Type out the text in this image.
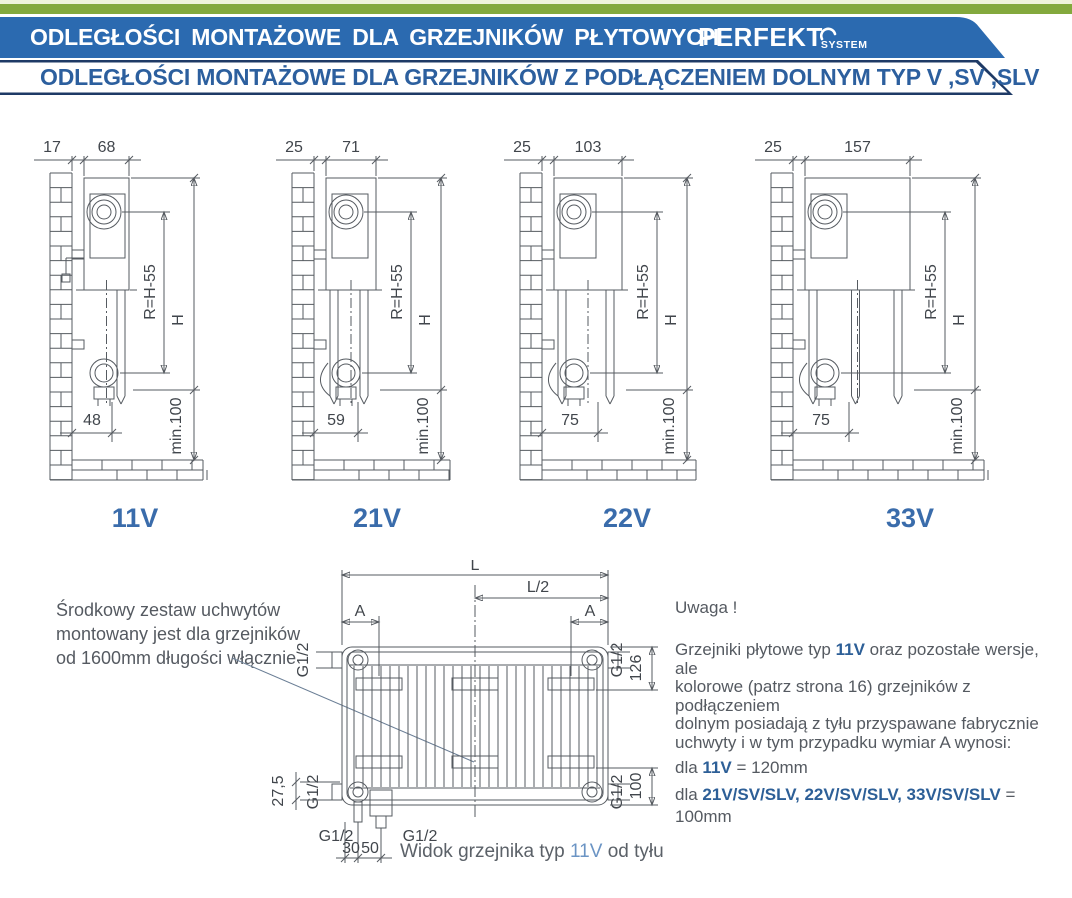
ODLEGŁOŚCI MONTAŻOWE DLA GRZEJNIKÓW PŁYTOWYCH
PERFEKT
SYSTEM
ODLEGŁOŚCI MONTAŻOWE DLA GRZEJNIKÓW Z PODŁĄCZENIEM DOLNYM TYP V ,SV ,SLV
17 68
R=H-55
H
min.100
48
25 71
R=H-55
H
min.100
59
25	103
R=H-55
H
min.100
75
25	157
R=H-55
H
min.100
75
11V	21V	22V	33V
Środkowy zestaw uchwytów
montowany jest dla grzejników
od 1600mm długości włącznie
L
L/2
A	A
G1/2	G1/2
G1/2	G1/2
126
100
27,5
G1/2	G1/2
30 50
Uwaga !
Grzejniki płytowe typ 11V oraz pozostałe wersje, ale
kolorowe (patrz strona 16) grzejników z podłączeniem
dolnym posiadają z tyłu przyspawane fabrycznie
uchwyty i w tym przypadku wymiar A wynosi:
dla 11V = 120mm
dla 21V/SV/SLV, 22V/SV/SLV, 33V/SV/SLV = 100mm
Widok grzejnika typ 11V od tyłu
